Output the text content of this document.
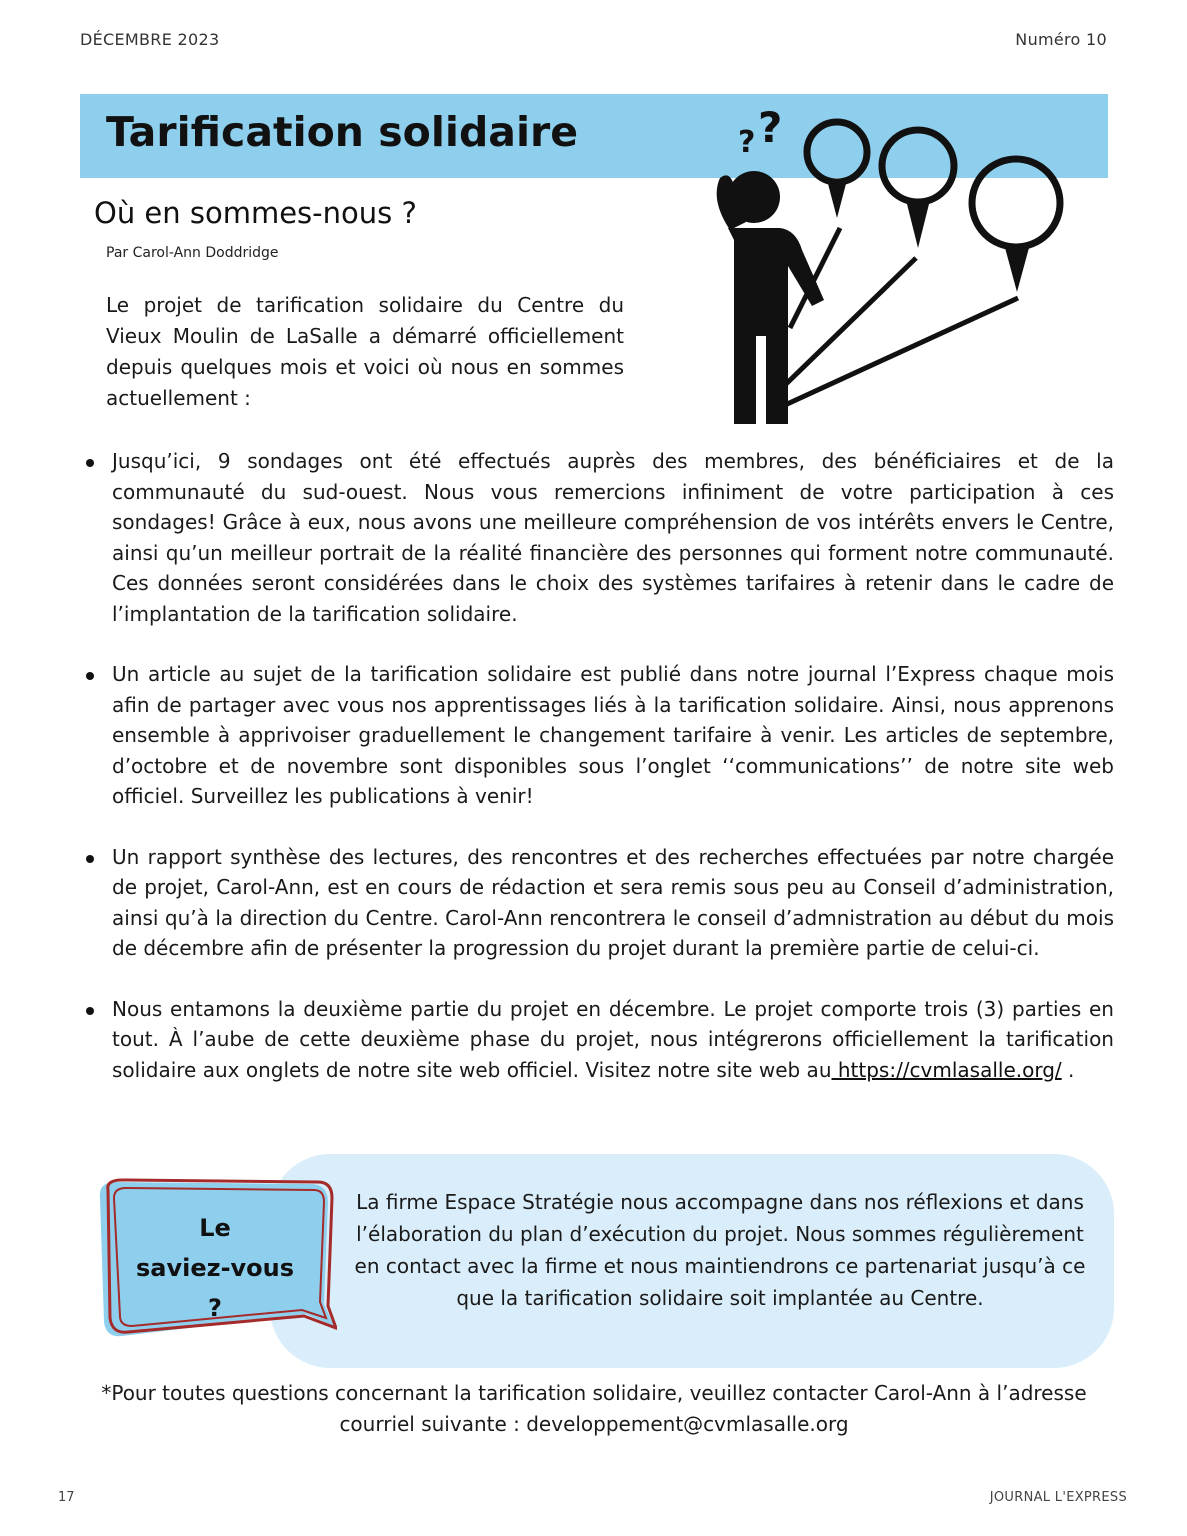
DÉCEMBRE 2023	Numéro 10
Tarification solidaire	? ?
Où en sommes-nous ?
Par Carol-Ann Doddridge
Le projet de tarification solidaire du Centre du Vieux Moulin de LaSalle a démarré officiellement depuis quelques mois et voici où nous en sommes actuellement :
Jusqu’ici, 9 sondages ont été effectués auprès des membres, des bénéficiaires et de la communauté du sud-ouest. Nous vous remercions infiniment de votre participation à ces sondages! Grâce à eux, nous avons une meilleure compréhension de vos intérêts envers le Centre, ainsi qu’un meilleur portrait de la réalité financière des personnes qui forment notre communauté. Ces données seront considérées dans le choix des systèmes tarifaires à retenir dans le cadre de l’implantation de la tarification solidaire.
Un article au sujet de la tarification solidaire est publié dans notre journal l’Express chaque mois afin de partager avec vous nos apprentissages liés à la tarification solidaire. Ainsi, nous apprenons ensemble à apprivoiser graduellement le changement tarifaire à venir. Les articles de septembre, d’octobre et de novembre sont disponibles sous l’onglet ‘‘communications’’ de notre site web officiel. Surveillez les publications à venir!
Un rapport synthèse des lectures, des rencontres et des recherches effectuées par notre chargée de projet, Carol-Ann, est en cours de rédaction et sera remis sous peu au Conseil d’administration, ainsi qu’à la direction du Centre. Carol-Ann rencontrera le conseil d’admnistration au début du mois de décembre afin de présenter la progression du projet durant la première partie de celui-ci.
Nous entamons la deuxième partie du projet en décembre. Le projet comporte trois (3) parties en tout. À l’aube de cette deuxième phase du projet, nous intégrerons officiellement la tarification solidaire aux onglets de notre site web officiel. Visitez notre site web au https://cvmlasalle.org/ .
Le
saviez-vous
?
La firme Espace Stratégie nous accompagne dans nos réflexions et dans l’élaboration du plan d’exécution du projet. Nous sommes régulièrement en contact avec la firme et nous maintiendrons ce partenariat jusqu’à ce que la tarification solidaire soit implantée au Centre.
*Pour toutes questions concernant la tarification solidaire, veuillez contacter Carol-Ann à l’adresse courriel suivante : developpement@cvmlasalle.org
17	JOURNAL L'EXPRESS
